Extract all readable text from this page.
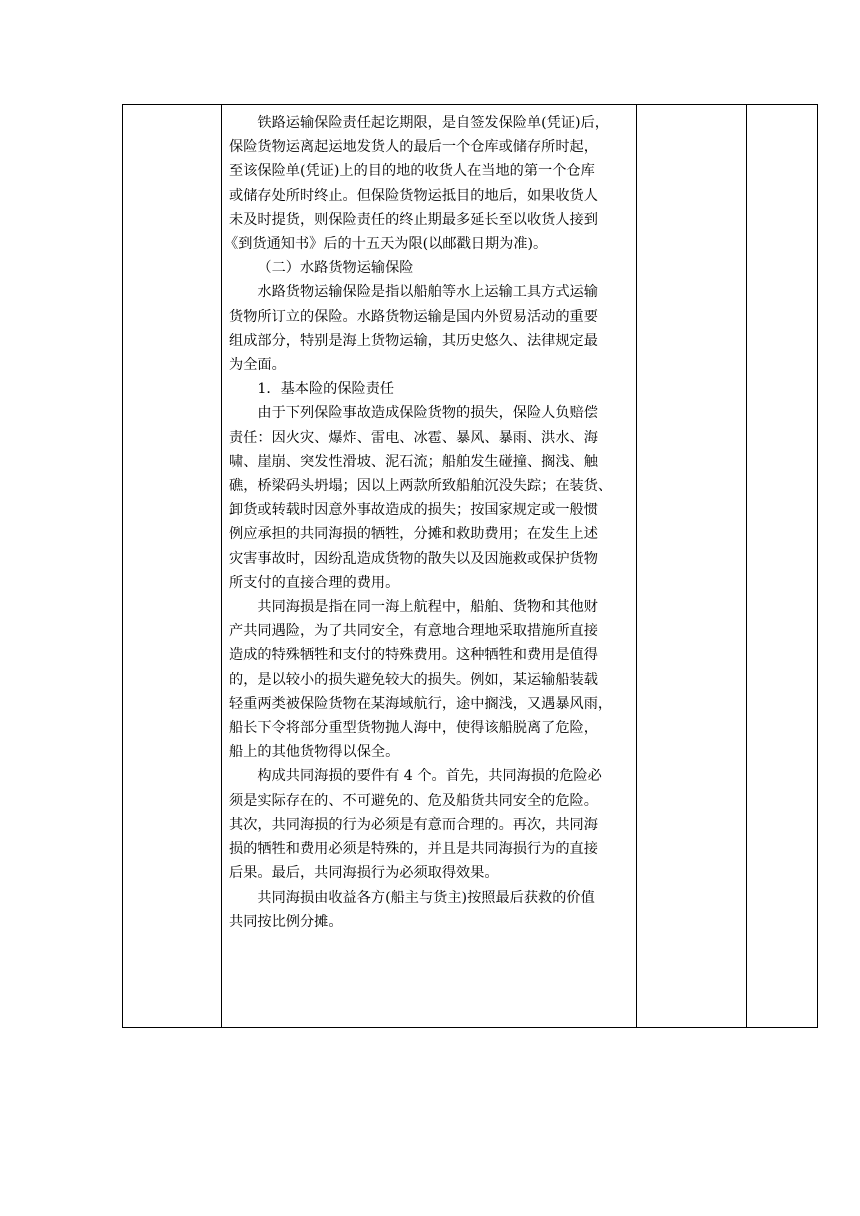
铁路运输保险责任起讫期限，是自签发保险单(凭证)后，

保险货物运离起运地发货人的最后一个仓库或储存所时起，

至该保险单(凭证)上的目的地的收货人在当地的第一个仓库

或储存处所时终止。但保险货物运抵目的地后，如果收货人

未及时提货，则保险责任的终止期最多延长至以收货人接到

《到货通知书》后的十五天为限(以邮戳日期为准)。

（二）水路货物运输保险

水路货物运输保险是指以船舶等水上运输工具方式运输

货物所订立的保险。水路货物运输是国内外贸易活动的重要

组成部分，特别是海上货物运输，其历史悠久、法律规定最

为全面。

1．基本险的保险责任

由于下列保险事故造成保险货物的损失，保险人负赔偿

责任：因火灾、爆炸、雷电、冰雹、暴风、暴雨、洪水、海

啸、崖崩、突发性滑坡、泥石流；船舶发生碰撞、搁浅、触

礁，桥梁码头坍塌；因以上两款所致船舶沉没失踪；在装货、

卸货或转载时因意外事故造成的损失；按国家规定或一般惯

例应承担的共同海损的牺牲，分摊和救助费用；在发生上述

灾害事故时，因纷乱造成货物的散失以及因施救或保护货物

所支付的直接合理的费用。

共同海损是指在同一海上航程中，船舶、货物和其他财

产共同遇险，为了共同安全，有意地合理地采取措施所直接

造成的特殊牺牲和支付的特殊费用。这种牺牲和费用是值得

的，是以较小的损失避免较大的损失。例如，某运输船装载

轻重两类被保险货物在某海域航行，途中搁浅，又遇暴风雨，

船长下令将部分重型货物抛人海中，使得该船脱离了危险，

船上的其他货物得以保全。

构成共同海损的要件有 4 个。首先，共同海损的危险必

须是实际存在的、不可避免的、危及船货共同安全的危险。

其次，共同海损的行为必须是有意而合理的。再次，共同海

损的牺牲和费用必须是特殊的，并且是共同海损行为的直接

后果。最后，共同海损行为必须取得效果。

共同海损由收益各方(船主与货主)按照最后获救的价值

共同按比例分摊。
